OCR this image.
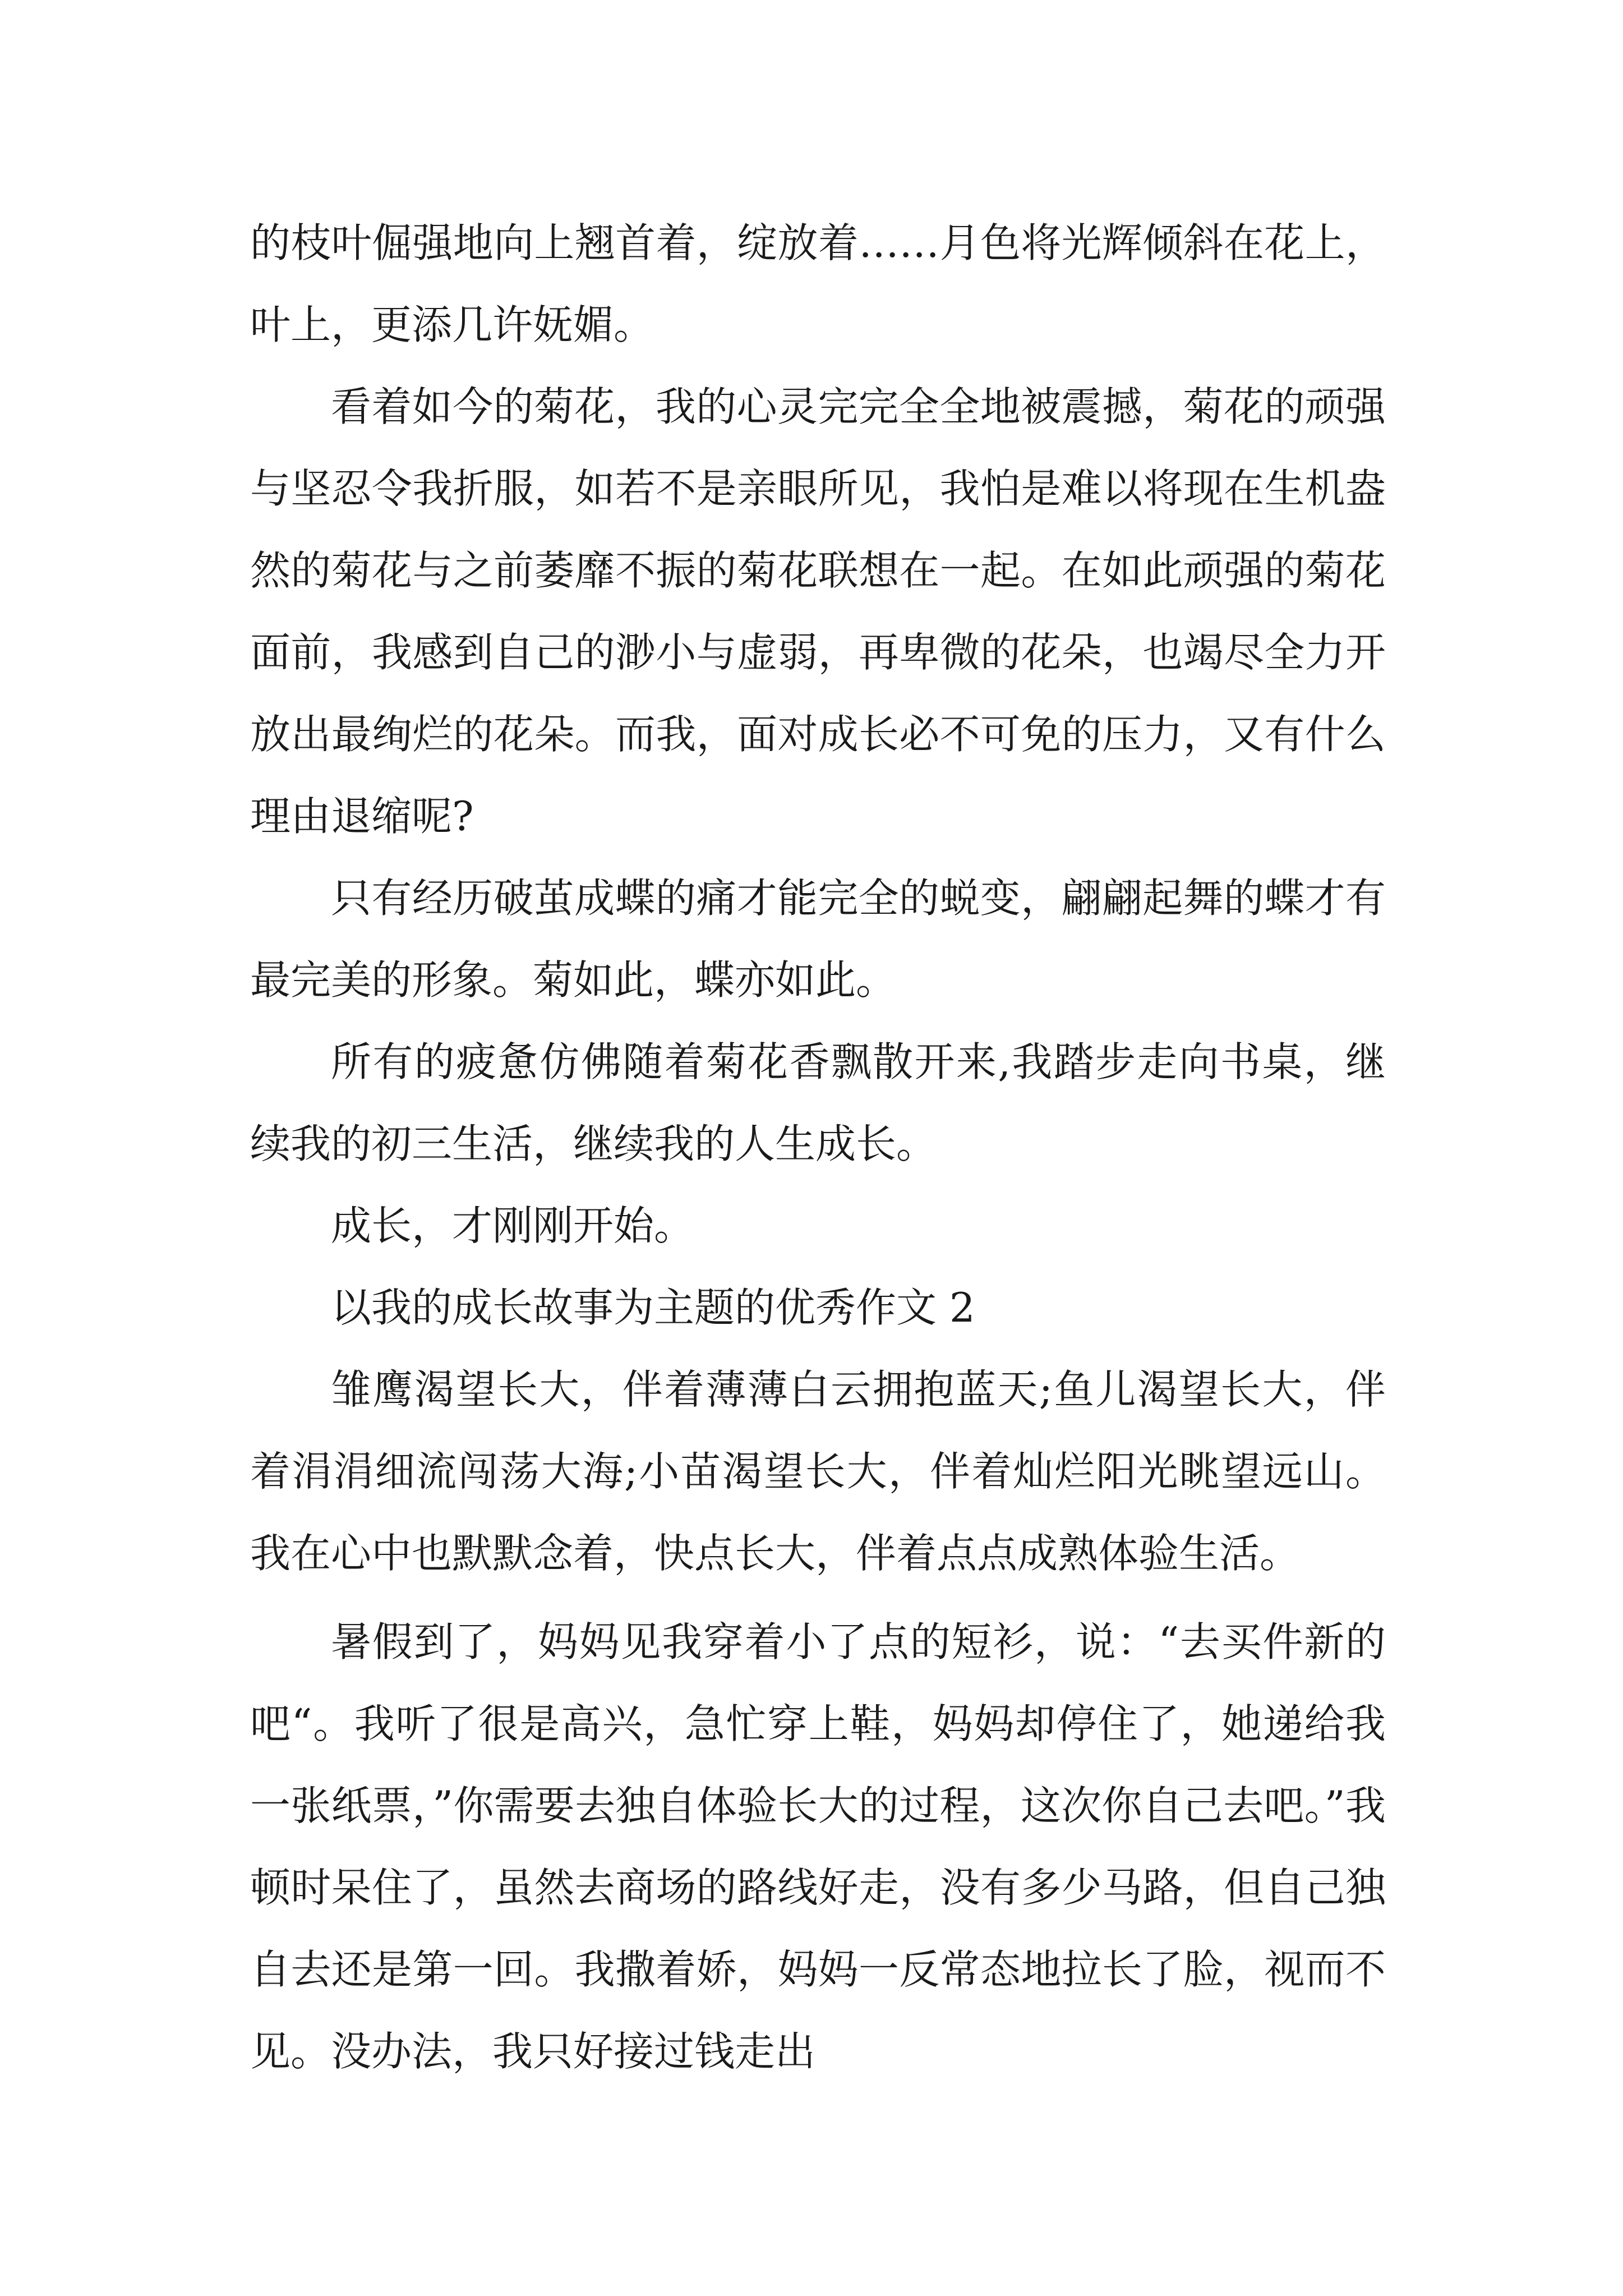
的枝叶倔强地向上翘首着，绽放着……月色将光辉倾斜在花上，叶上，更添几许妩媚。

看着如今的菊花，我的心灵完完全全地被震撼，菊花的顽强与坚忍令我折服，如若不是亲眼所见，我怕是难以将现在生机盎然的菊花与之前萎靡不振的菊花联想在一起。在如此顽强的菊花面前，我感到自己的渺小与虚弱，再卑微的花朵，也竭尽全力开放出最绚烂的花朵。而我，面对成长必不可免的压力，又有什么理由退缩呢?

只有经历破茧成蝶的痛才能完全的蜕变，翩翩起舞的蝶才有最完美的形象。菊如此，蝶亦如此。

所有的疲惫仿佛随着菊花香飘散开来,我踏步走向书桌，继续我的初三生活，继续我的人生成长。

成长，才刚刚开始。

以我的成长故事为主题的优秀作文 2

雏鹰渴望长大，伴着薄薄白云拥抱蓝天;鱼儿渴望长大，伴着涓涓细流闯荡大海;小苗渴望长大，伴着灿烂阳光眺望远山。我在心中也默默念着，快点长大，伴着点点成熟体验生活。

暑假到了，妈妈见我穿着小了点的短衫，说：“去买件新的吧“。我听了很是高兴，急忙穿上鞋，妈妈却停住了，她递给我一张纸票，”你需要去独自体验长大的过程，这次你自己去吧。”我顿时呆住了，虽然去商场的路线好走，没有多少马路，但自己独自去还是第一回。我撒着娇，妈妈一反常态地拉长了脸，视而不见。没办法，我只好接过钱走出
